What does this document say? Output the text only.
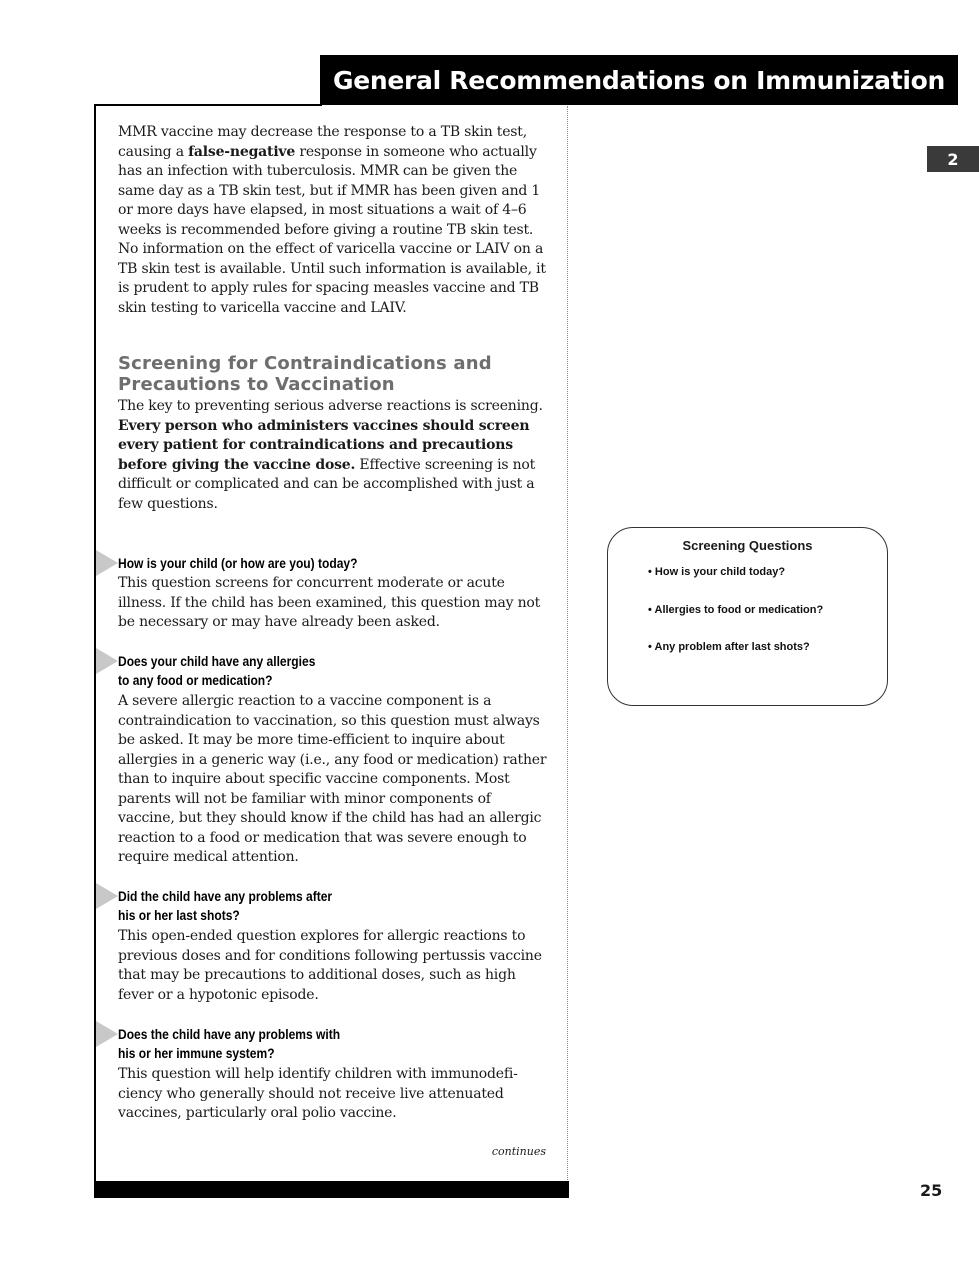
General Recommendations on Immunization
2
MMR vaccine may decrease the response to a TB skin test, causing a false-negative response in someone who actually has an infection with tuberculosis. MMR can be given the same day as a TB skin test, but if MMR has been given and 1 or more days have elapsed, in most situations a wait of 4–6 weeks is recommended before giving a routine TB skin test. No information on the effect of varicella vaccine or LAIV on a TB skin test is available. Until such information is available, it is prudent to apply rules for spacing measles vaccine and TB skin testing to varicella vaccine and LAIV.
Screening for Contraindications and
Precautions to Vaccination
The key to preventing serious adverse reactions is screening. Every person who administers vaccines should screen every patient for contraindications and precautions before giving the vaccine dose. Effective screening is not difficult or complicated and can be accomplished with just a few questions.
How is your child (or how are you) today?
This question screens for concurrent moderate or acute illness. If the child has been examined, this question may not be necessary or may have already been asked.
Does your child have any allergies
to any food or medication?
A severe allergic reaction to a vaccine component is a contraindication to vaccination, so this question must always be asked. It may be more time-efficient to inquire about allergies in a generic way (i.e., any food or medication) rather than to inquire about specific vaccine components. Most parents will not be familiar with minor components of vaccine, but they should know if the child has had an allergic reaction to a food or medication that was severe enough to require medical attention.
Did the child have any problems after
his or her last shots?
This open-ended question explores for allergic reactions to previous doses and for conditions following pertussis vaccine that may be precautions to additional doses, such as high fever or a hypotonic episode.
Does the child have any problems with
his or her immune system?
This question will help identify children with immunodefi-ciency who generally should not receive live attenuated vaccines, particularly oral polio vaccine.
continues
25
Screening Questions
• How is your child today?
• Allergies to food or medication?
• Any problem after last shots?
